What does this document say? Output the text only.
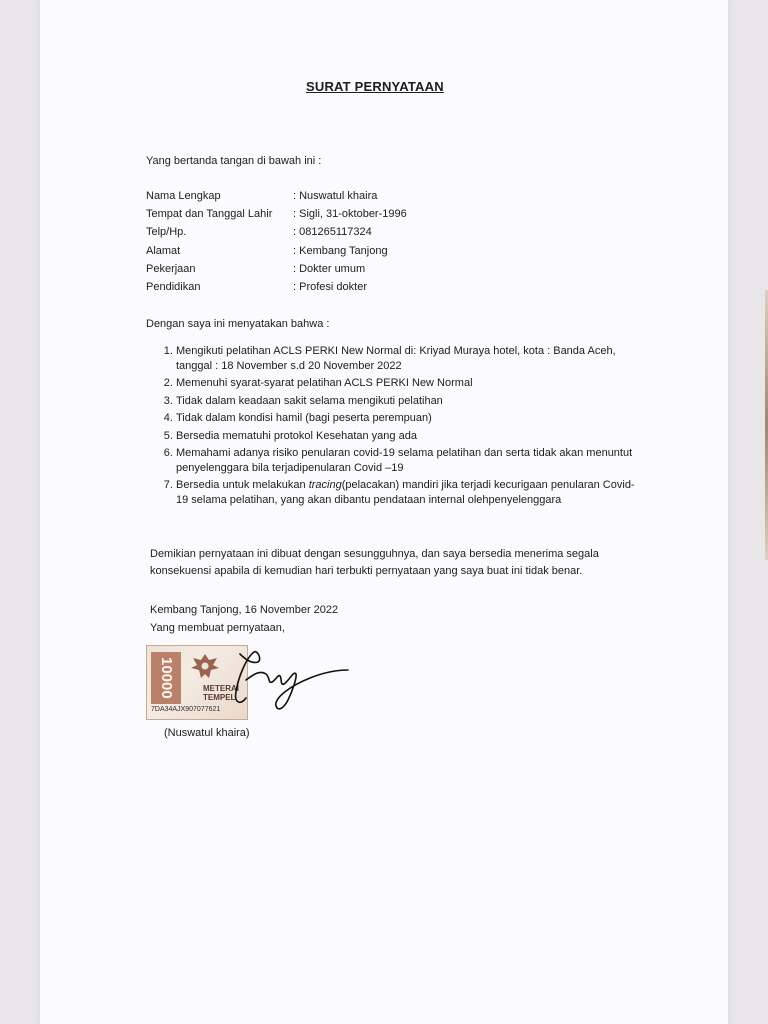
SURAT PERNYATAAN
Yang bertanda tangan di bawah ini :
Nama Lengkap	: Nuswatul khaira
Tempat dan Tanggal Lahir : Sigli, 31-oktober-1996
Telp/Hp.	: 081265117324
Alamat	: Kembang Tanjong
Pekerjaan	: Dokter umum
Pendidikan	: Profesi dokter
Dengan saya ini menyatakan bahwa :
1. Mengikuti pelatihan ACLS PERKI New Normal di: Kriyad Muraya hotel, kota : Banda Aceh, tanggal : 18 November s.d 20 November 2022
2. Memenuhi syarat-syarat pelatihan ACLS PERKI New Normal
3. Tidak dalam keadaan sakit selama mengikuti pelatihan
4. Tidak dalam kondisi hamil (bagi peserta perempuan)
5. Bersedia mematuhi protokol Kesehatan yang ada
6. Memahami adanya risiko penularan covid-19 selama pelatihan dan serta tidak akan menuntut penyelenggara bila terjadipenularan Covid –19
7. Bersedia untuk melakukan tracing(pelacakan) mandiri jika terjadi kecurigaan penularan Covid-19 selama pelatihan, yang akan dibantu pendataan internal olehpenyelenggara
Demikian pernyataan ini dibuat dengan sesungguhnya, dan saya bersedia menerima segala konsekuensi apabila di kemudian hari terbukti pernyataan yang saya buat ini tidak benar.
Kembang Tanjong, 16 November 2022
Yang membuat pernyataan,
10000	METERAI TEMPEL
7DA34AJX907077621
(Nuswatul khaira)
